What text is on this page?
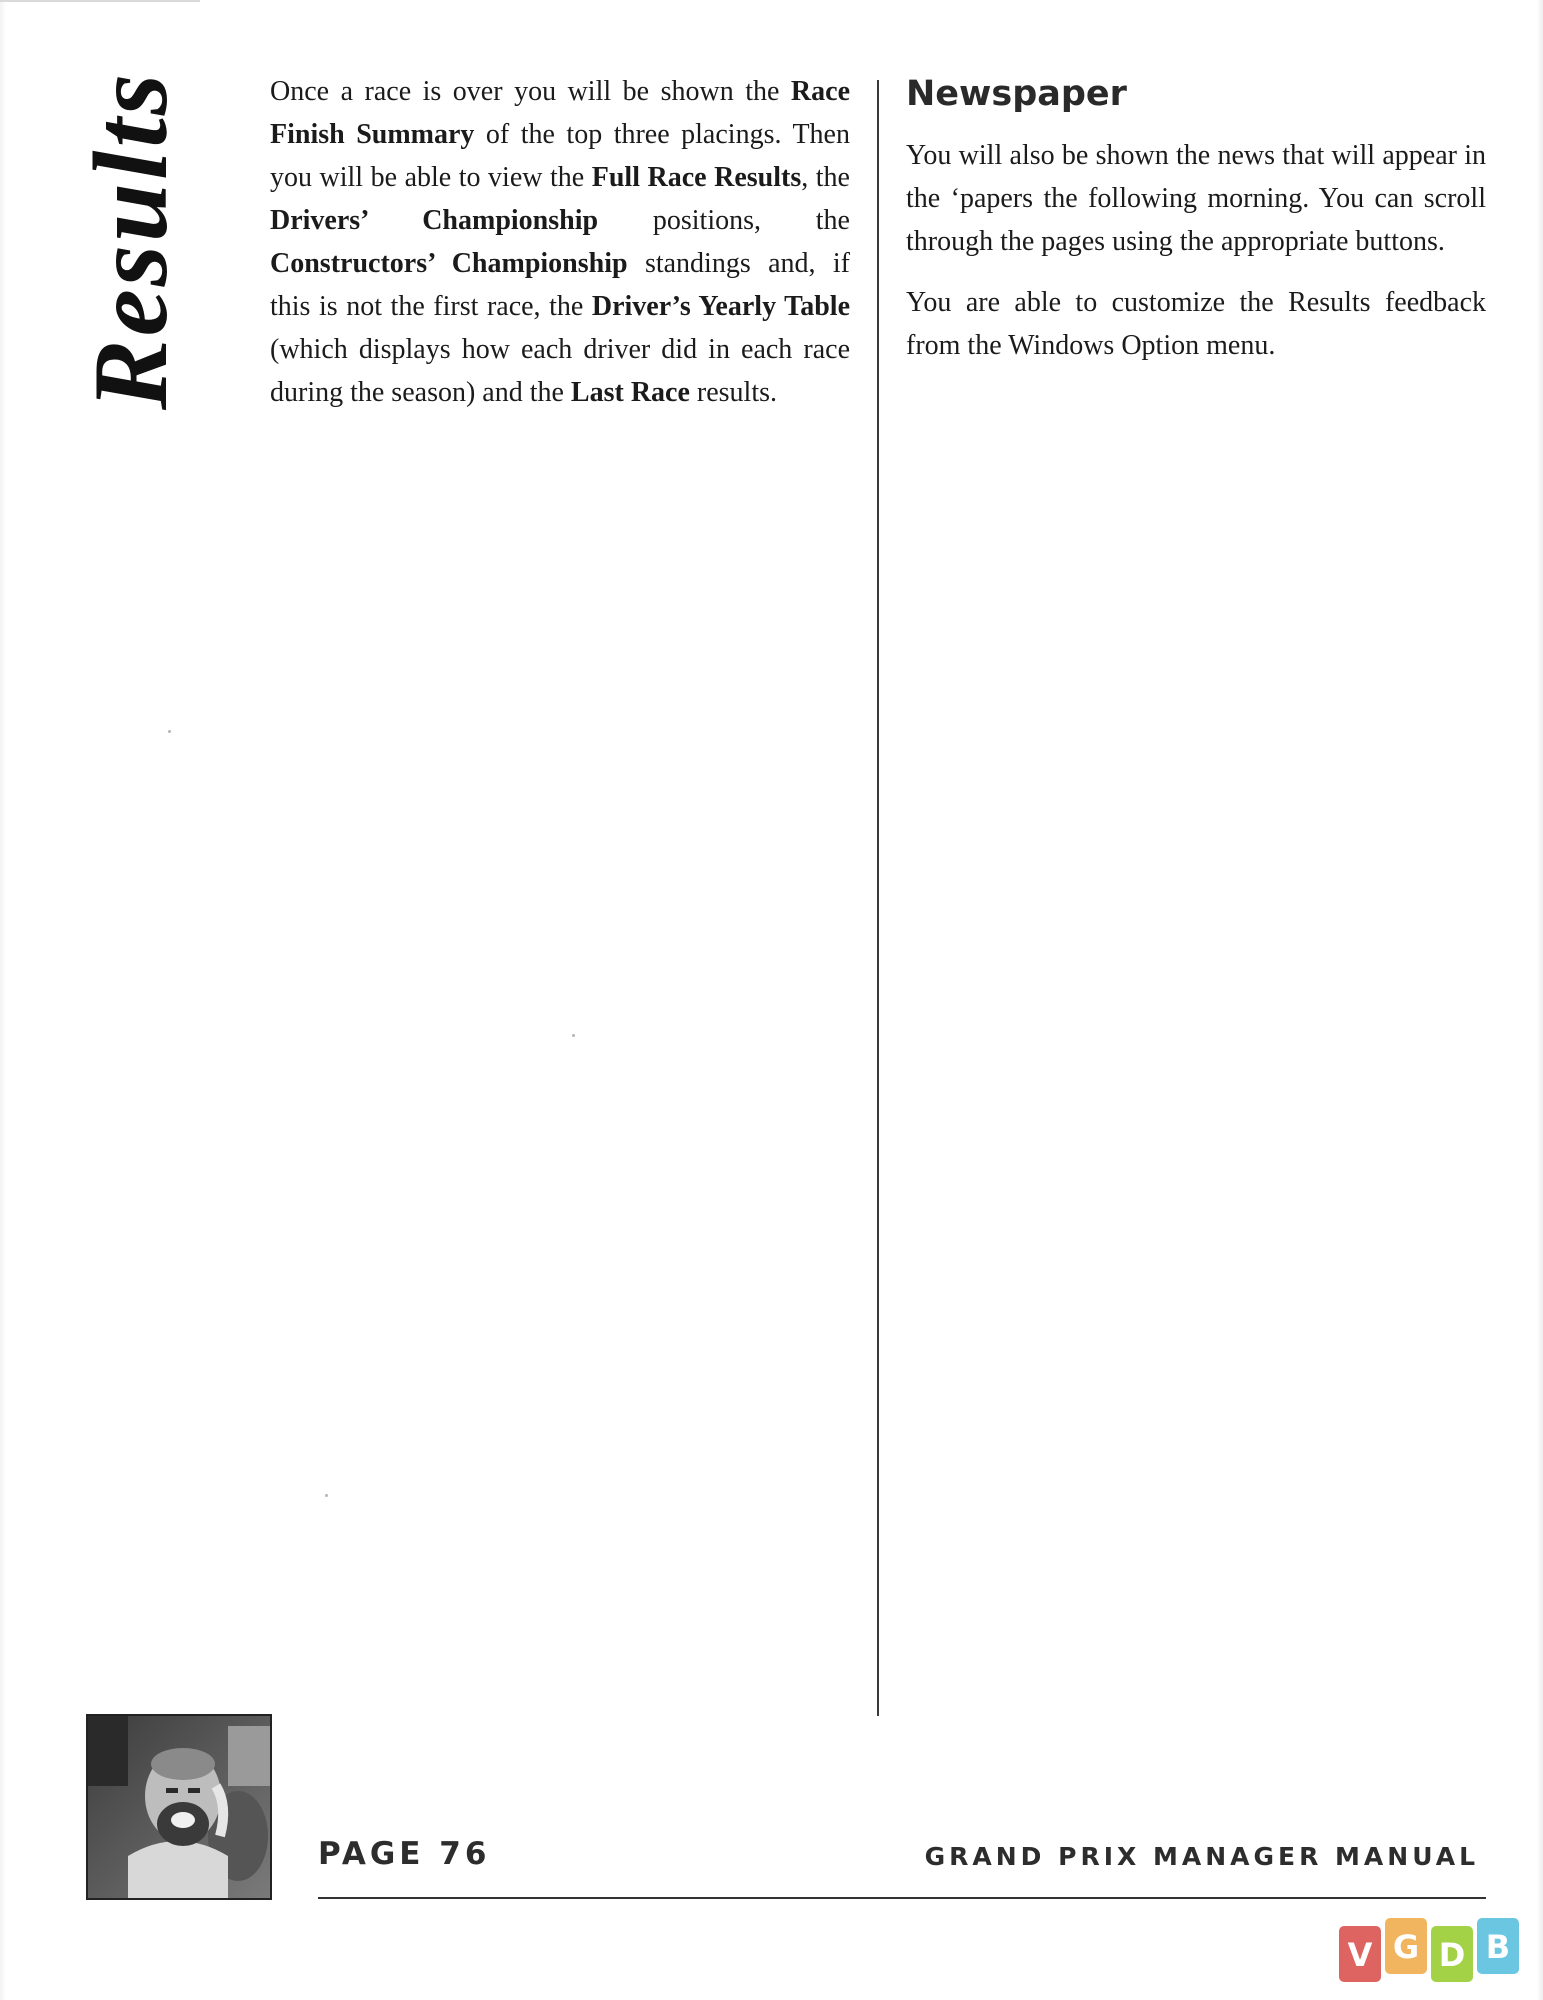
Results	Once a race is over you will be shown the Race Finish Summary of the top three placings. Then you will be able to view the Full Race Results, the Drivers’ Championship positions, the Constructors’ Championship standings and, if this is not the first race, the Driver’s Yearly Table (which displays how each driver did in each race during the season) and the Last Race results.

Newspaper

You will also be shown the news that will appear in the ‘papers the following morning. You can scroll through the pages using the appropriate buttons.

You are able to customize the Results feedback from the Windows Option menu.

PAGE 76	GRAND PRIX MANAGER MANUAL
V G D B
